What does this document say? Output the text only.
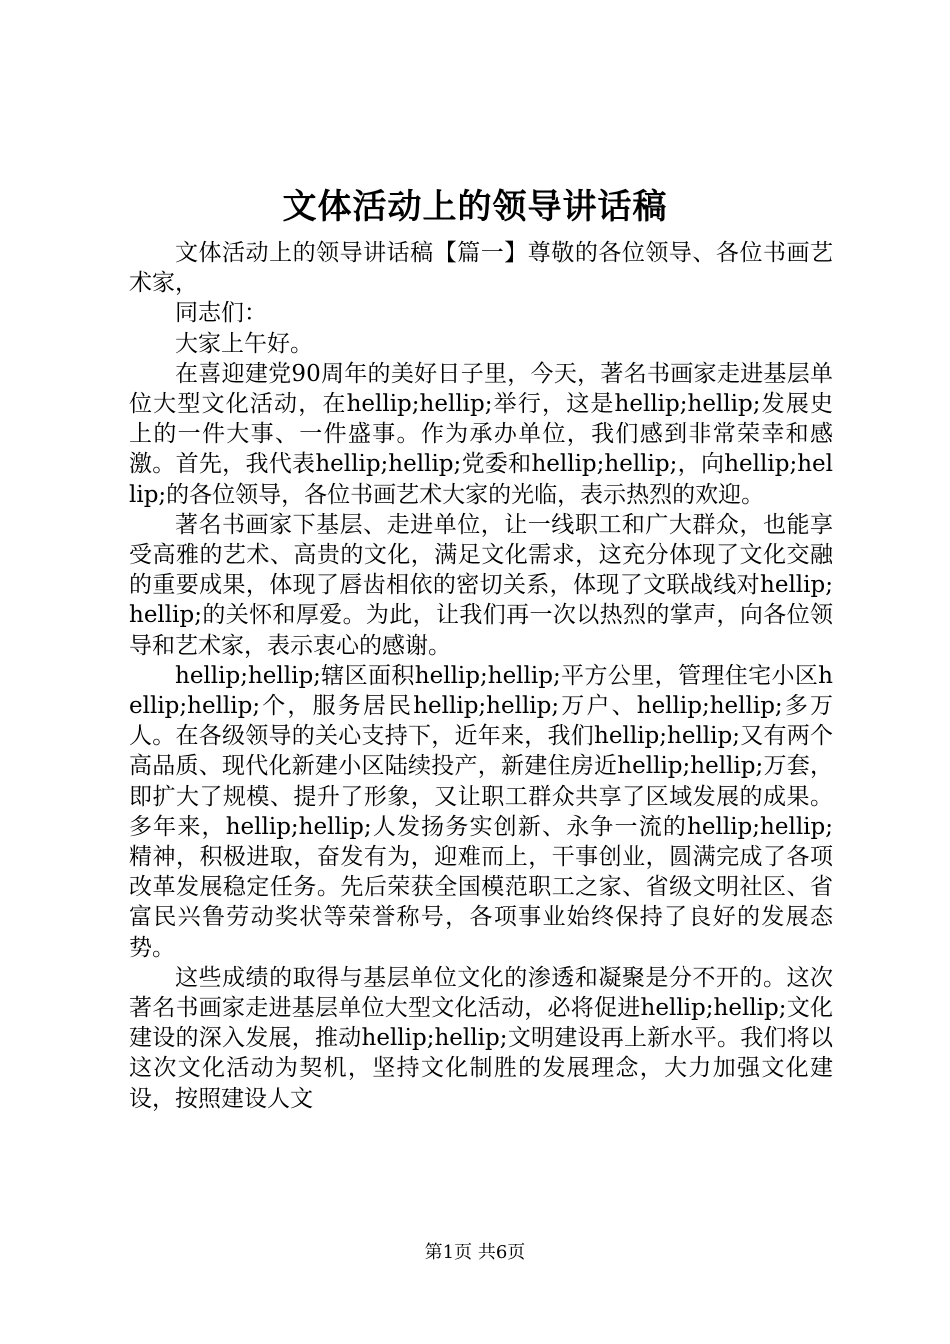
文体活动上的领导讲话稿

文体活动上的领导讲话稿【篇一】尊敬的各位领导、各位书画艺术家，

同志们：

大家上午好。

在喜迎建党90周年的美好日子里，今天，著名书画家走进基层单位大型文化活动，在hellip;hellip;举行，这是hellip;hellip;发展史上的一件大事、一件盛事。作为承办单位，我们感到非常荣幸和感激。首先，我代表hellip;hellip;党委和hellip;hellip;，向hellip;hellip;的各位领导，各位书画艺术大家的光临，表示热烈的欢迎。

著名书画家下基层、走进单位，让一线职工和广大群众，也能享受高雅的艺术、高贵的文化，满足文化需求，这充分体现了文化交融的重要成果，体现了唇齿相依的密切关系，体现了文联战线对hellip;hellip;的关怀和厚爱。为此，让我们再一次以热烈的掌声，向各位领导和艺术家，表示衷心的感谢。

hellip;hellip;辖区面积hellip;hellip;平方公里，管理住宅小区hellip;hellip;个，服务居民hellip;hellip;万户、hellip;hellip;多万人。在各级领导的关心支持下，近年来，我们hellip;hellip;又有两个高品质、现代化新建小区陆续投产，新建住房近hellip;hellip;万套，即扩大了规模、提升了形象，又让职工群众共享了区域发展的成果。多年来，hellip;hellip;人发扬务实创新、永争一流的hellip;hellip;精神，积极进取，奋发有为，迎难而上，干事创业，圆满完成了各项改革发展稳定任务。先后荣获全国模范职工之家、省级文明社区、省富民兴鲁劳动奖状等荣誉称号，各项事业始终保持了良好的发展态势。

这些成绩的取得与基层单位文化的渗透和凝聚是分不开的。这次著名书画家走进基层单位大型文化活动，必将促进hellip;hellip;文化建设的深入发展，推动hellip;hellip;文明建设再上新水平。我们将以这次文化活动为契机，坚持文化制胜的发展理念，大力加强文化建设，按照建设人文

第1页 共6页
